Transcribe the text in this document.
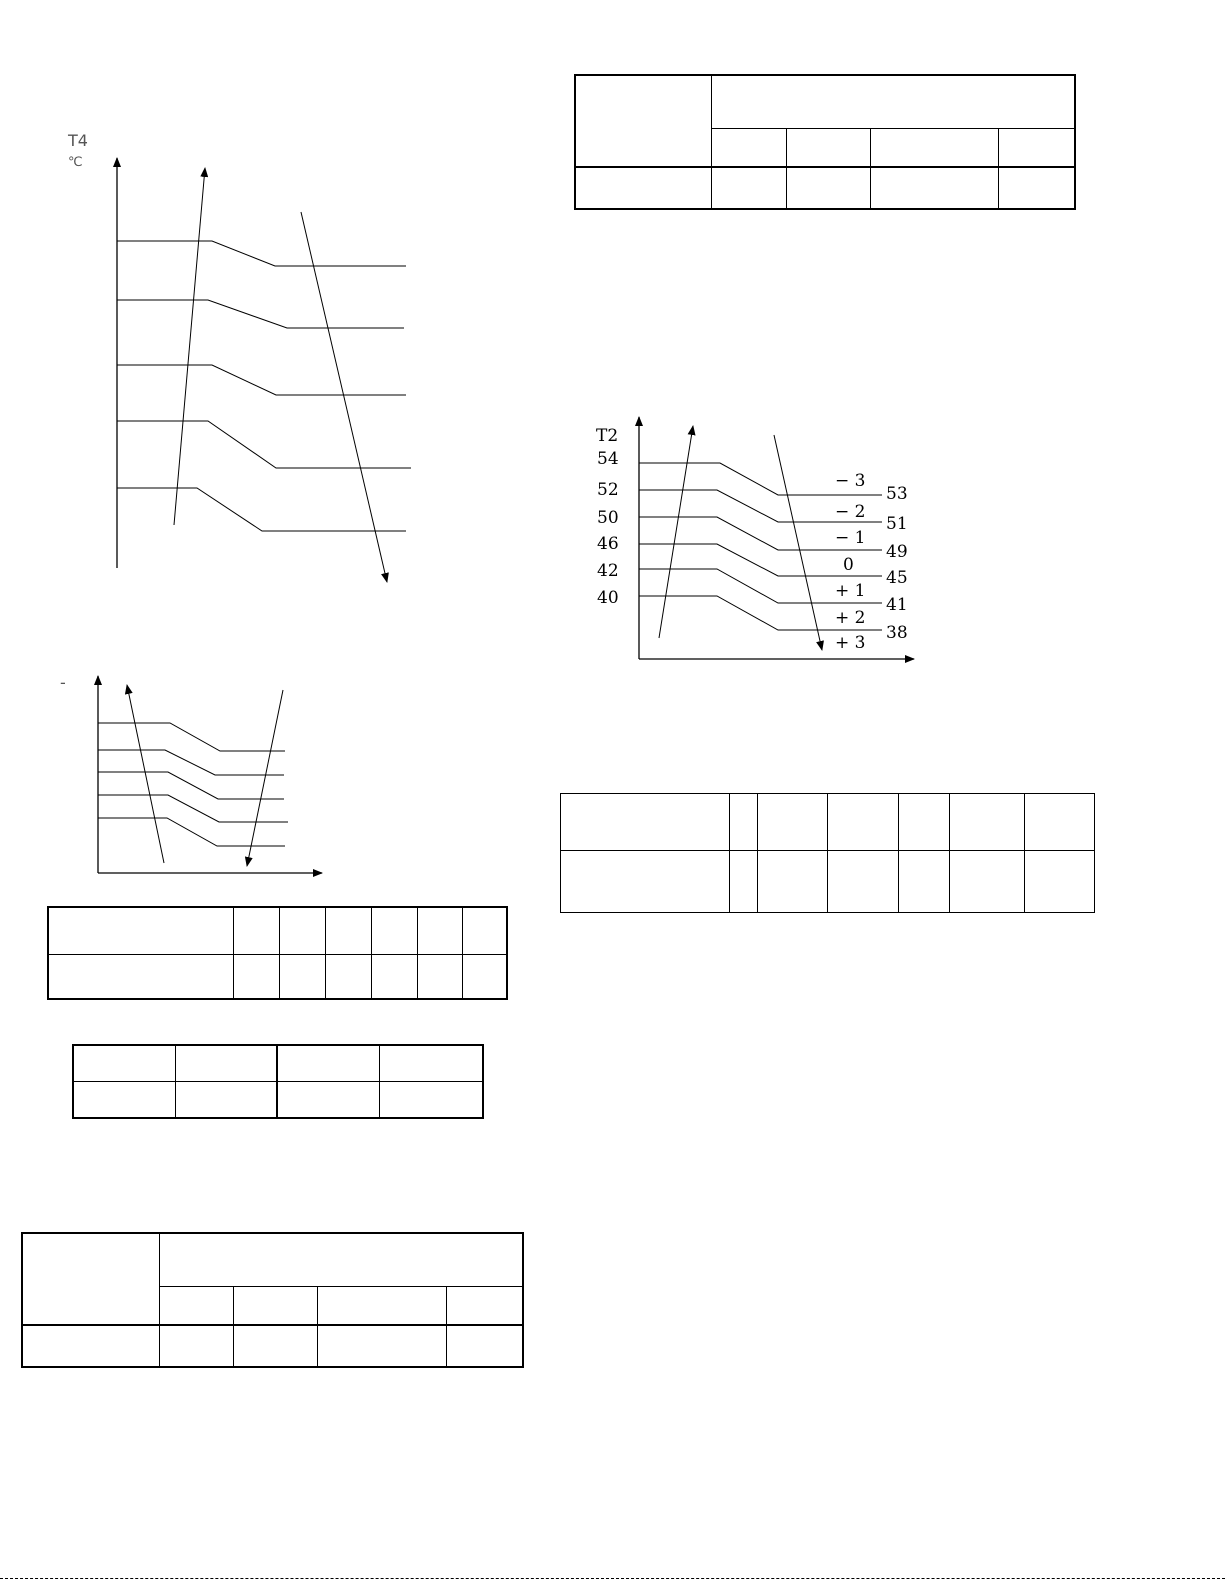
T4
℃
-
T2
54
52
50
46
42
40
− 3
− 2
− 1
0
+ 1
+ 2
+ 3
53
51
49
45
41
38
